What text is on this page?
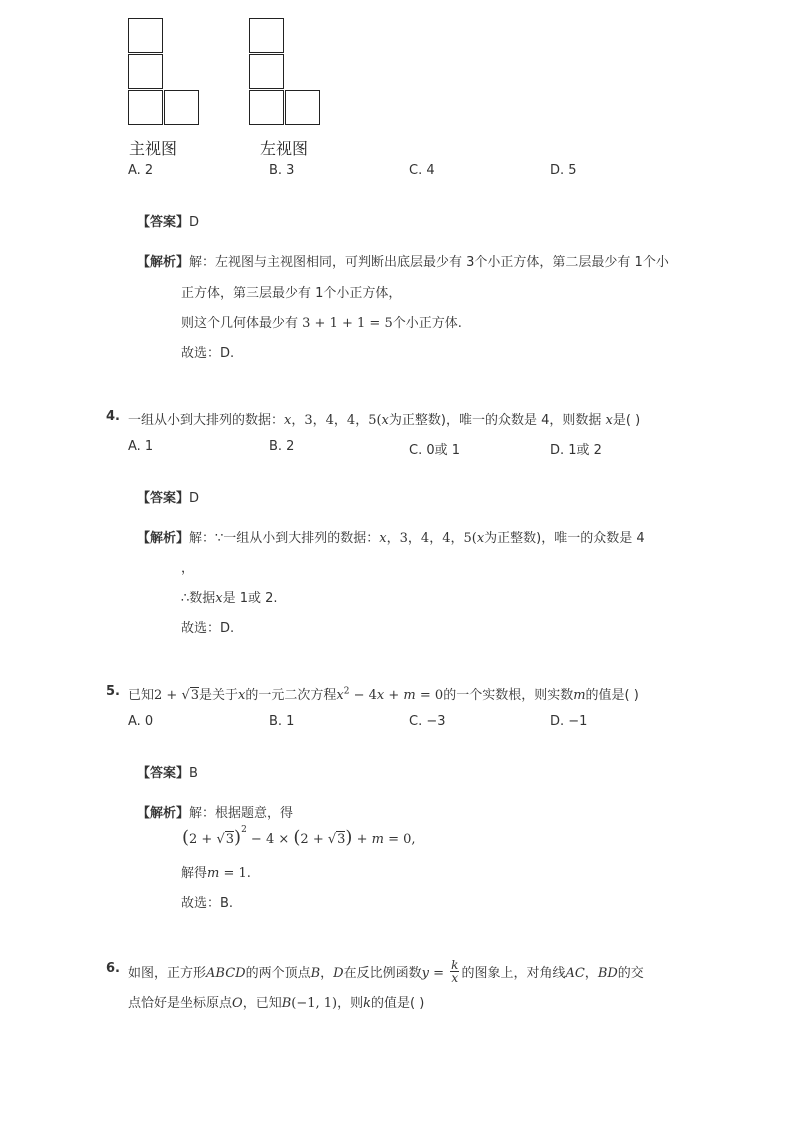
主视图	左视图
A. 2	B. 3	C. 4	D. 5
【答案】D
【解析】解：左视图与主视图相同，可判断出底层最少有 3个小正方体，第二层最少有 1个小
正方体，第三层最少有 1个小正方体，
则这个几何体最少有 3 + 1 + 1 = 5个小正方体.
故选：D.
4. 一组从小到大排列的数据：x，3，4，4，5(x为正整数)，唯一的众数是 4，则数据 x是( )
A. 1	B. 2	C. 0或 1	D. 1或 2
【答案】D
【解析】解：∵一组从小到大排列的数据：x，3，4，4，5(x为正整数)，唯一的众数是 4
，
∴数据x是 1或 2.
故选：D.
5. 已知2 + √3是关于x的一元二次方程$x^2 - 4x + m = 0$的一个实数根，则实数m的值是( )
A. 0	B. 1	C. −3	D. −1
【答案】B
【解析】解：根据题意，得
$(2 + √3)^2 - 4 \times (2 + √3) + m = 0$,
解得m = 1.
故选：B.
6. 如图，正方形ABCD的两个顶点B，D在反比例函数$y = \frac{k}{x}$ 的图象上，对角线AC，BD的交
点恰好是坐标原点O，已知B(−1, 1)，则k的值是( )
